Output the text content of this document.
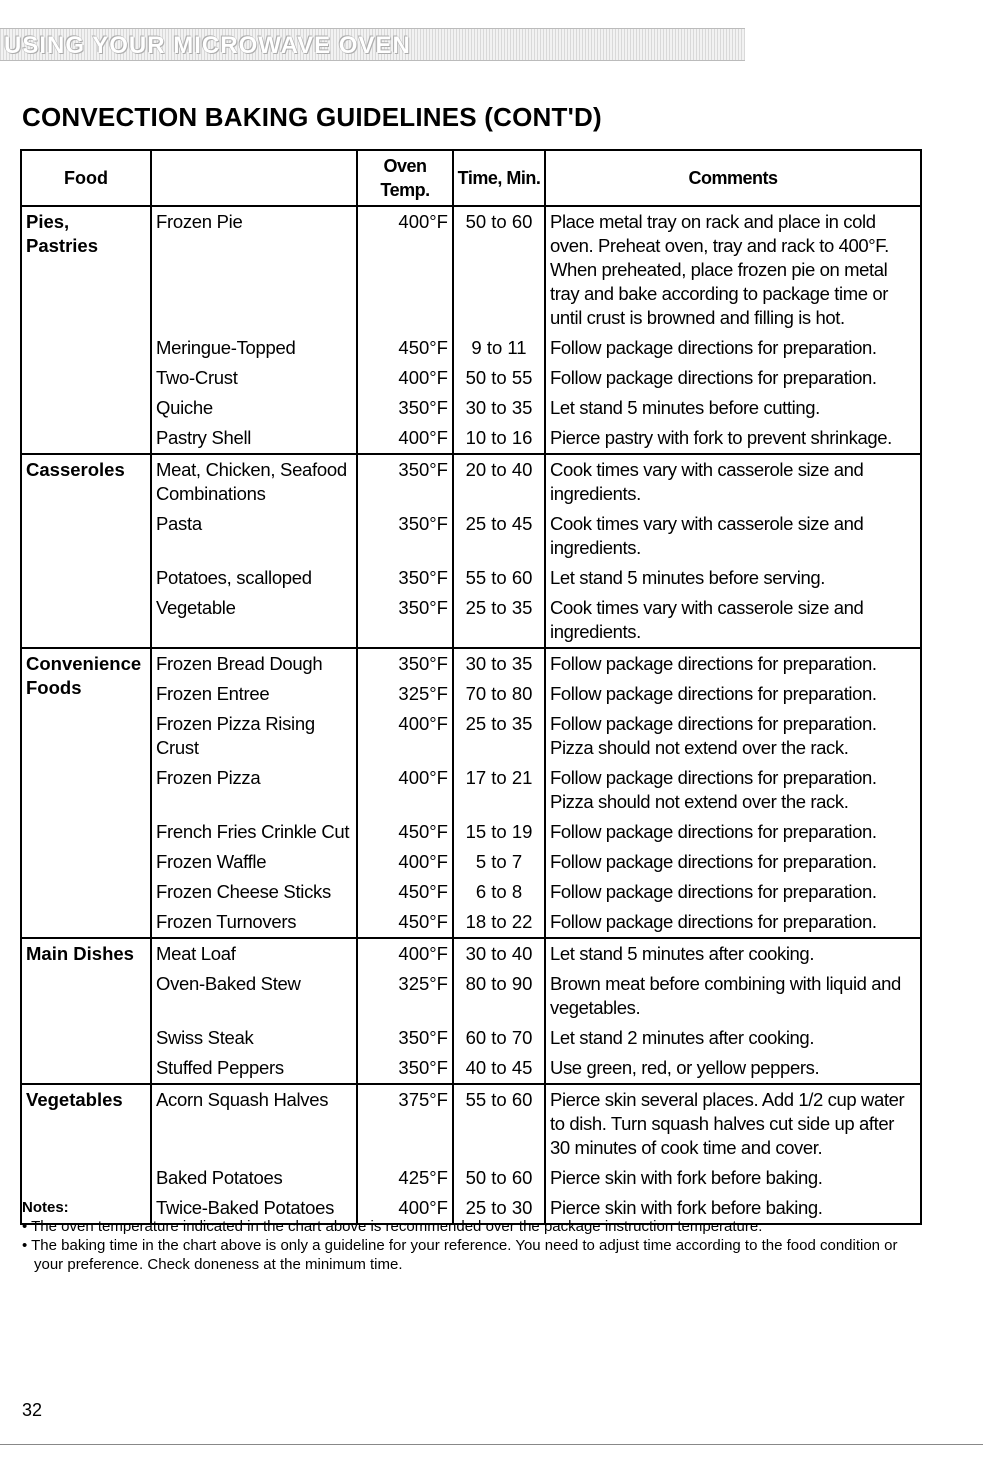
USING YOUR MICROWAVE OVEN
CONVECTION BAKING GUIDELINES (CONT'D)
Food		Oven Temp.	Time, Min.	Comments
Pies, Pastries	Frozen Pie	400°F	50 to 60	Place metal tray on rack and place in cold oven. Preheat oven, tray and rack to 400°F. When preheated, place frozen pie on metal tray and bake according to package time or until crust is browned and filling is hot.
	Meringue-Topped	450°F	9 to 11	Follow package directions for preparation.
	Two-Crust	400°F	50 to 55	Follow package directions for preparation.
	Quiche	350°F	30 to 35	Let stand 5 minutes before cutting.
	Pastry Shell	400°F	10 to 16	Pierce pastry with fork to prevent shrinkage.
Casseroles	Meat, Chicken, Seafood Combinations	350°F	20 to 40	Cook times vary with casserole size and ingredients.
	Pasta	350°F	25 to 45	Cook times vary with casserole size and ingredients.
	Potatoes, scalloped	350°F	55 to 60	Let stand 5 minutes before serving.
	Vegetable	350°F	25 to 35	Cook times vary with casserole size and ingredients.
Convenience Foods	Frozen Bread Dough	350°F	30 to 35	Follow package directions for preparation.
	Frozen Entree	325°F	70 to 80	Follow package directions for preparation.
	Frozen Pizza Rising Crust	400°F	25 to 35	Follow package directions for preparation. Pizza should not extend over the rack.
	Frozen Pizza	400°F	17 to 21	Follow package directions for preparation. Pizza should not extend over the rack.
	French Fries Crinkle Cut	450°F	15 to 19	Follow package directions for preparation.
	Frozen Waffle	400°F	5 to 7	Follow package directions for preparation.
	Frozen Cheese Sticks	450°F	6 to 8	Follow package directions for preparation.
	Frozen Turnovers	450°F	18 to 22	Follow package directions for preparation.
Main Dishes	Meat Loaf	400°F	30 to 40	Let stand 5 minutes after cooking.
	Oven-Baked Stew	325°F	80 to 90	Brown meat before combining with liquid and vegetables.
	Swiss Steak	350°F	60 to 70	Let stand 2 minutes after cooking.
	Stuffed Peppers	350°F	40 to 45	Use green, red, or yellow peppers.
Vegetables	Acorn Squash Halves	375°F	55 to 60	Pierce skin several places. Add 1/2 cup water to dish. Turn squash halves cut side up after 30 minutes of cook time and cover.
	Baked Potatoes	425°F	50 to 60	Pierce skin with fork before baking.
	Twice-Baked Potatoes	400°F	25 to 30	Pierce skin with fork before baking.
Notes:
• The oven temperature indicated in the chart above is recommended over the package instruction temperature.
• The baking time in the chart above is only a guideline for your reference. You need to adjust time according to the food condition or your preference. Check doneness at the minimum time.
32
